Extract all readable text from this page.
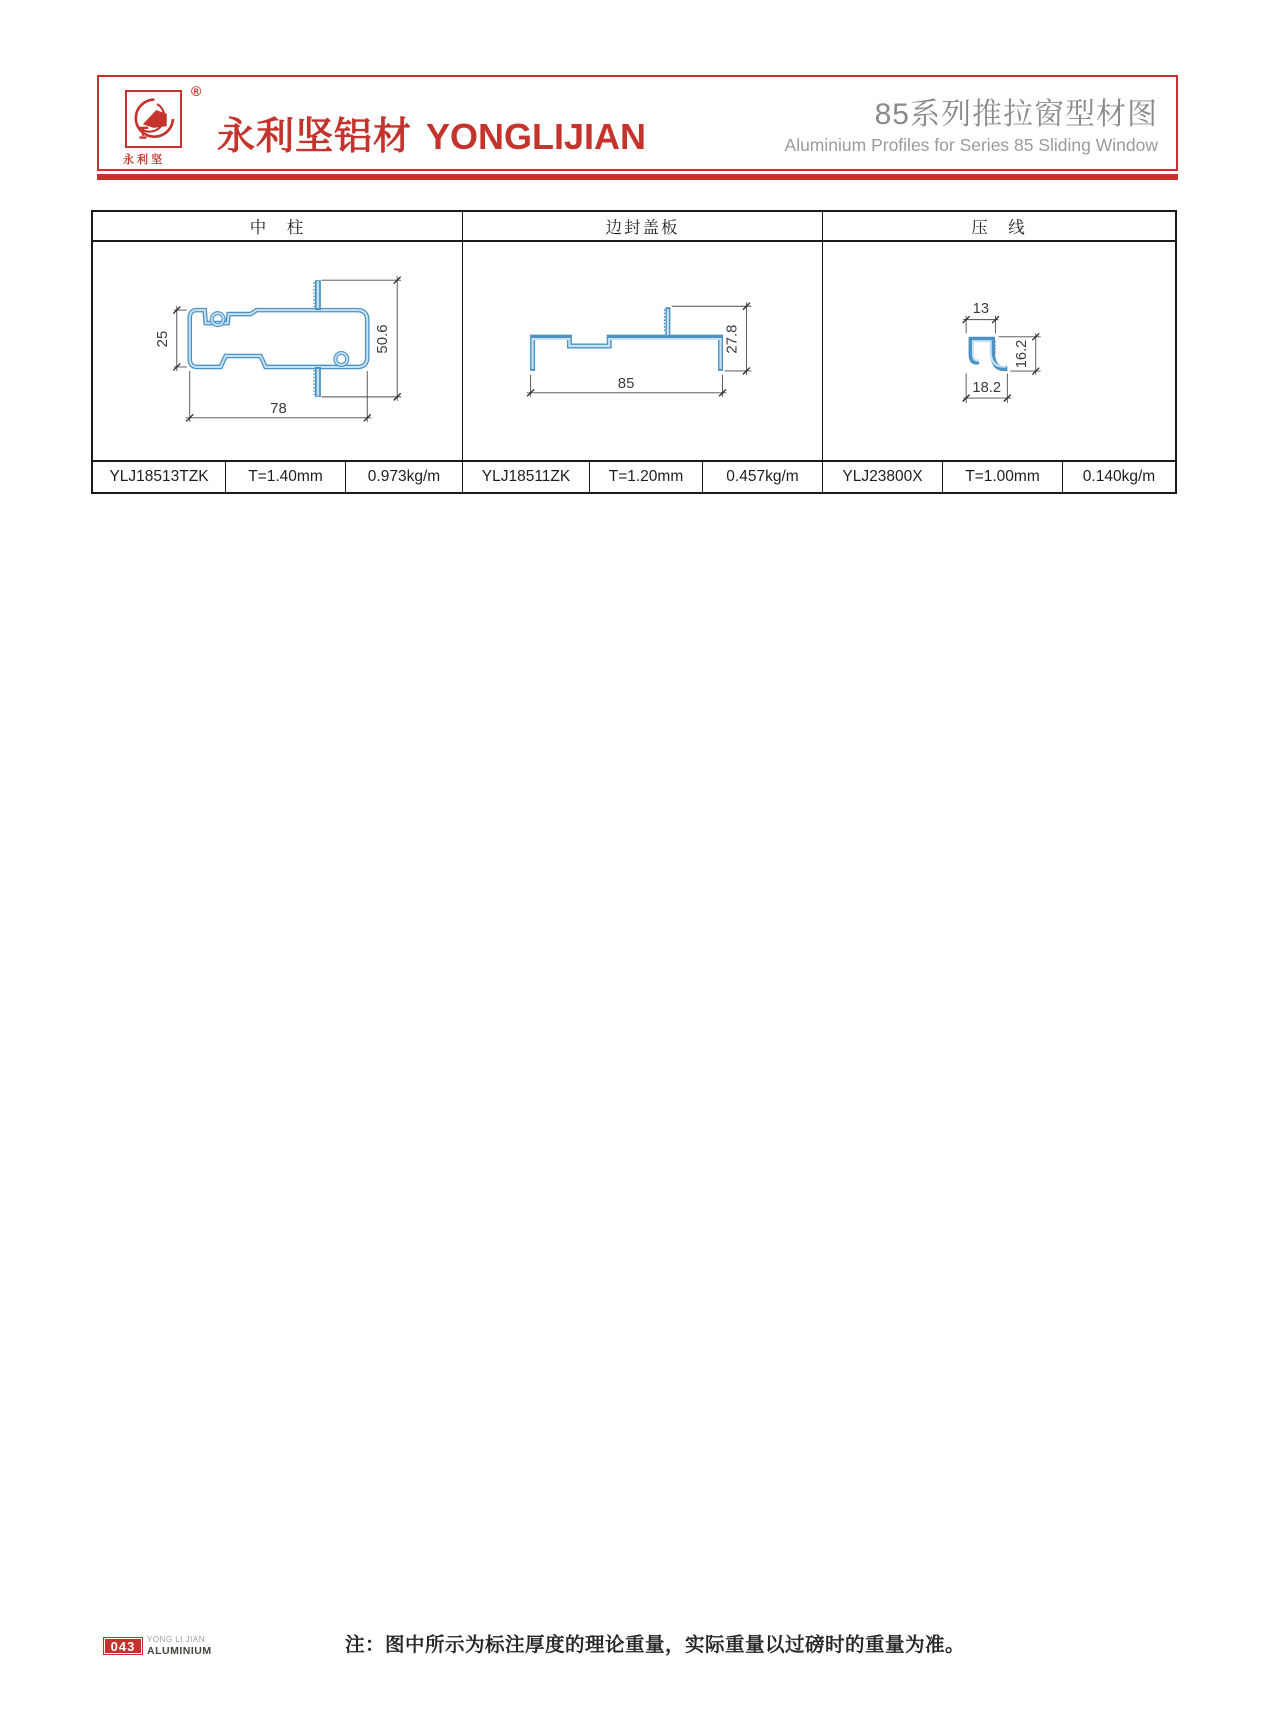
®
永 利 坚
永利坚铝材 YONGLIJIAN
85系列推拉窗型材图
Aluminium Profiles for Series 85 Sliding Window
中　柱	边封盖板	压　线
25	50.6
78
85
27.8
13
16.2
18.2
YLJ18513TZK	T=1.40mm	0.973kg/m	YLJ18511ZK	T=1.20mm	0.457kg/m	YLJ23800X	T=1.00mm	0.140kg/m
043 YONG LI JIAN
ALUMINIUM	注：图中所示为标注厚度的理论重量，实际重量以过磅时的重量为准。
